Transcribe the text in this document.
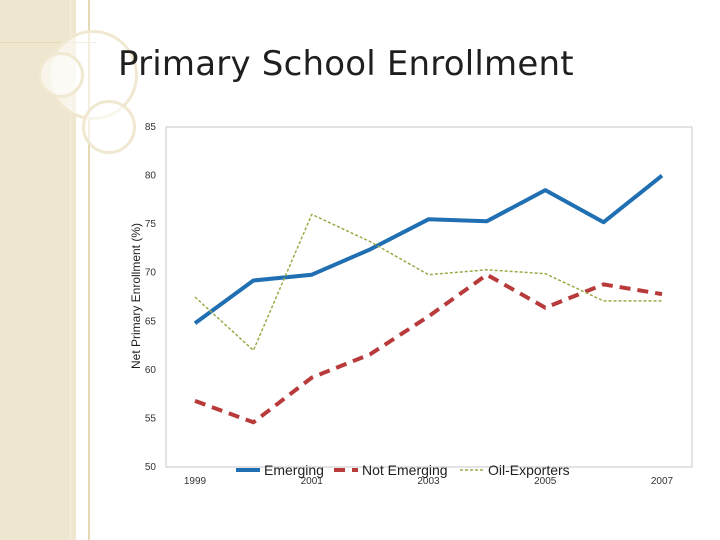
Primary School Enrollment
50
55
60
65
70
75
80
85
1999	2001	2003	2005	2007
Net Primary Enrollment (%)
Emerging	Not Emerging	Oil-Exporters
